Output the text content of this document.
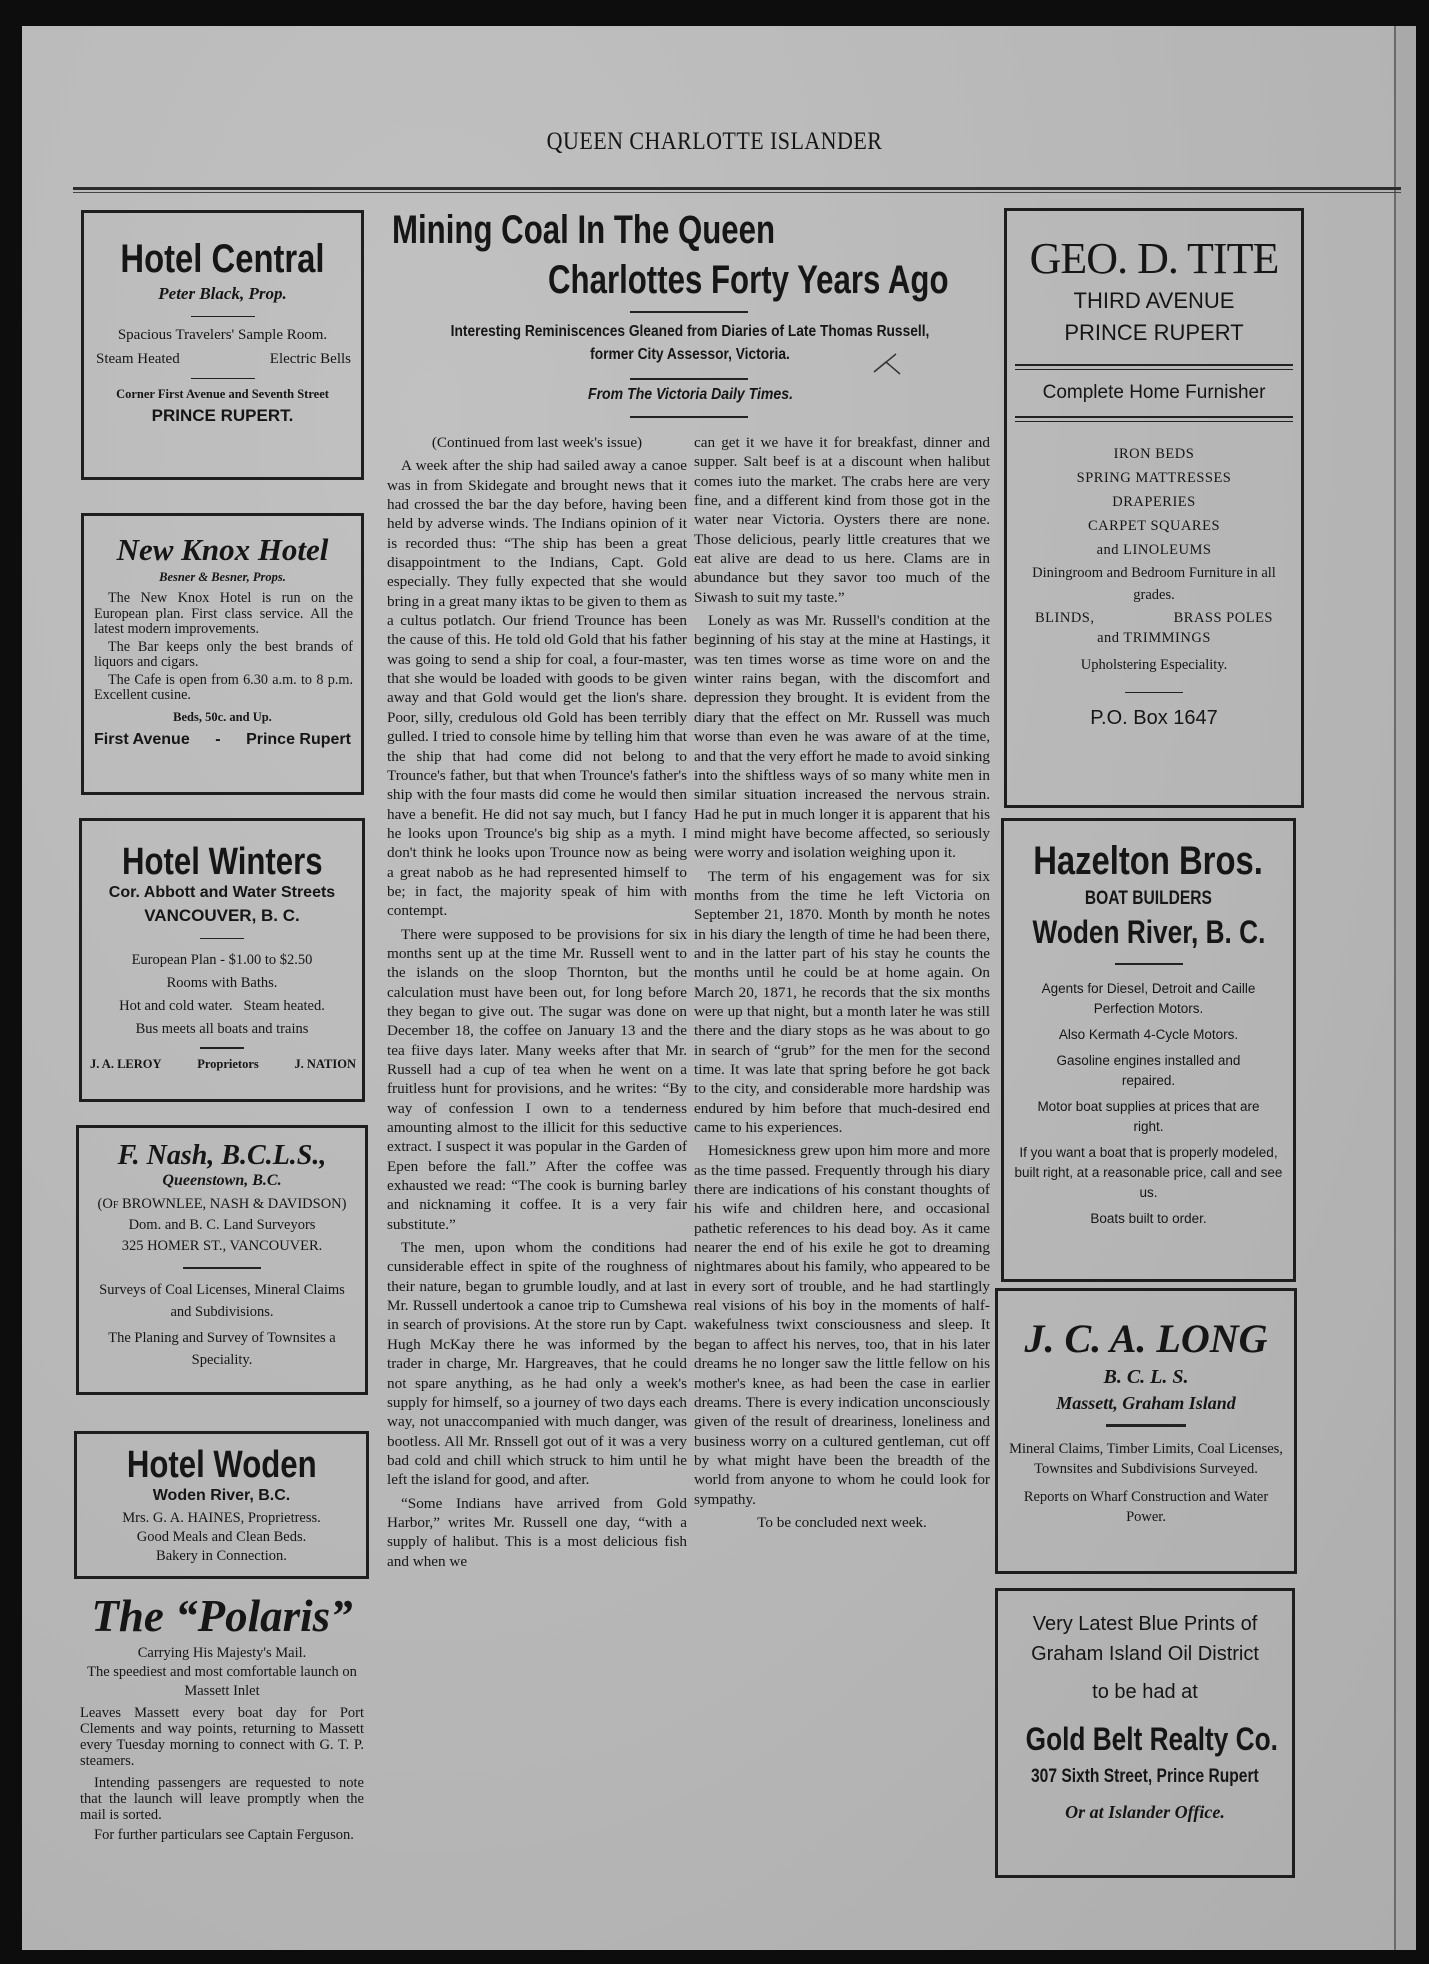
QUEEN CHARLOTTE ISLANDER
Hotel Central
Peter Black, Prop.
Spacious Travelers' Sample Room.
Steam Heated	Electric Bells
Corner First Avenue and Seventh Street
PRINCE RUPERT.
New Knox Hotel
Besner & Besner, Props.

The New Knox Hotel is run on the European plan. First class service. All the latest modern improvements.

The Bar keeps only the best brands of liquors and cigars.

The Cafe is open from 6.30 a.m. to 8 p.m. Excellent cusine.

Beds, 50c. and Up.
First Avenue - Prince Rupert
Hotel Winters
Cor. Abbott and Water Streets
VANCOUVER, B. C.
European Plan - $1.00 to $2.50
Rooms with Baths.
Hot and cold water.   Steam heated.
Bus meets all boats and trains
J. A. LEROY	Proprietors	J. NATION
F. Nash, B.C.L.S.,
Queenstown, B.C.
(Of BROWNLEE, NASH & DAVIDSON)
Dom. and B. C. Land Surveyors
325 HOMER ST., VANCOUVER.
Surveys of Coal Licenses, Mineral Claims and Subdivisions.
The Planing and Survey of Townsites a Speciality.
Hotel Woden
Woden River, B.C.
Mrs. G. A. HAINES, Proprietress.
Good Meals and Clean Beds.
Bakery in Connection.
The “Polaris”
Carrying His Majesty's Mail.
The speediest and most comfortable launch on Massett Inlet

Leaves Massett every boat day for Port Clements and way points, returning to Massett every Tuesday morning to connect with G. T. P. steamers.

Intending passengers are requested to note that the launch will leave promptly when the mail is sorted.

For further particulars see Captain Ferguson.

Mining Coal In The Queen
Charlottes Forty Years Ago
Interesting Reminiscences Gleaned from Diaries of Late Thomas Russell,
former City Assessor, Victoria.
From The Victoria Daily Times.

(Continued from last week's issue)

A week after the ship had sailed away a canoe was in from Skidegate and brought news that it had crossed the bar the day before, having been held by adverse winds. The Indians opinion of it is recorded thus: “The ship has been a great disappointment to the Indians, Capt. Gold especially. They fully expected that she would bring in a great many iktas to be given to them as a cultus potlatch. Our friend Trounce has been the cause of this. He told old Gold that his father was going to send a ship for coal, a four-master, that she would be loaded with goods to be given away and that Gold would get the lion's share. Poor, silly, credulous old Gold has been terribly gulled. I tried to console hime by telling him that the ship that had come did not belong to Trounce's father, but that when Trounce's father's ship with the four masts did come he would then have a benefit. He did not say much, but I fancy he looks upon Trounce's big ship as a myth. I don't think he looks upon Trounce now as being a great nabob as he had represented himself to be; in fact, the majority speak of him with contempt.

There were supposed to be provisions for six months sent up at the time Mr. Russell went to the islands on the sloop Thornton, but the calculation must have been out, for long before they began to give out. The sugar was done on December 18, the coffee on January 13 and the tea fiive days later. Many weeks after that Mr. Russell had a cup of tea when he went on a fruitless hunt for provisions, and he writes: “By way of confession I own to a tenderness amounting almost to the illicit for this seductive extract. I suspect it was popular in the Garden of Epen before the fall.” After the coffee was exhausted we read: “The cook is burning barley and nicknaming it coffee. It is a very fair substitute.”

The men, upon whom the conditions had cunsiderable effect in spite of the roughness of their nature, began to grumble loudly, and at last Mr. Russell undertook a canoe trip to Cumshewa in search of provisions. At the store run by Capt. Hugh McKay there he was informed by the trader in charge, Mr. Hargreaves, that he could not spare anything, as he had only a week's supply for himself, so a journey of two days each way, not unaccompanied with much danger, was bootless. All Mr. Rnssell got out of it was a very bad cold and chill which struck to him until he left the island for good, and after.

“Some Indians have arrived from Gold Harbor,” writes Mr. Russell one day, “with a supply of halibut. This is a most delicious fish and when we

can get it we have it for breakfast, dinner and supper. Salt beef is at a discount when halibut comes iuto the market. The crabs here are very fine, and a different kind from those got in the water near Victoria. Oysters there are none. Those delicious, pearly little creatures that we eat alive are dead to us here. Clams are in abundance but they savor too much of the Siwash to suit my taste.”

Lonely as was Mr. Russell's condition at the beginning of his stay at the mine at Hastings, it was ten times worse as time wore on and the winter rains began, with the discomfort and depression they brought. It is evident from the diary that the effect on Mr. Russell was much worse than even he was aware of at the time, and that the very effort he made to avoid sinking into the shiftless ways of so many white men in similar situation increased the nervous strain. Had he put in much longer it is apparent that his mind might have become affected, so seriously were worry and isolation weighing upon it.

The term of his engagement was for six months from the time he left Victoria on September 21, 1870. Month by month he notes in his diary the length of time he had been there, and in the latter part of his stay he counts the months until he could be at home again. On March 20, 1871, he records that the six months were up that night, but a month later he was still there and the diary stops as he was about to go in search of “grub” for the men for the second time. It was late that spring before he got back to the city, and considerable more hardship was endured by him before that much-desired end came to his experiences.

Homesickness grew upon him more and more as the time passed. Frequently through his diary there are indications of his constant thoughts of his wife and children here, and occasional pathetic references to his dead boy. As it came nearer the end of his exile he got to dreaming nightmares about his family, who appeared to be in every sort of trouble, and he had startlingly real visions of his boy in the moments of half-wakefulness twixt consciousness and sleep. It began to affect his nerves, too, that in his later dreams he no longer saw the little fellow on his mother's knee, as had been the case in earlier dreams. There is every indication unconsciously given of the result of dreariness, loneliness and business worry on a cultured gentleman, cut off by what might have been the breadth of the world from anyone to whom he could look for sympathy.

To be concluded next week.

GEO. D. TITE
THIRD AVENUE
PRINCE RUPERT
Complete Home Furnisher
IRON BEDS
SPRING MATTRESSES
DRAPERIES
CARPET SQUARES
and LINOLEUMS
Diningroom and Bedroom Furniture in all grades.
BLINDS,	BRASS POLES
and TRIMMINGS
Upholstering Especiality.
P.O. Box 1647
Hazelton Bros.
BOAT BUILDERS
Woden River, B. C.
Agents for Diesel, Detroit and Caille Perfection Motors.
Also Kermath 4-Cycle Motors.
Gasoline engines installed and repaired.
Motor boat supplies at prices that are right.
If you want a boat that is properly modeled, built right, at a reasonable price, call and see us.
Boats built to order.
J. C. A. LONG
B. C. L. S.
Massett, Graham Island
Mineral Claims, Timber Limits, Coal Licenses, Townsites and Subdivisions Surveyed.
Reports on Wharf Construction and Water Power.
Very Latest Blue Prints of
Graham Island Oil District
to be had at
Gold Belt Realty Co.
307 Sixth Street, Prince Rupert
Or at Islander Office.
